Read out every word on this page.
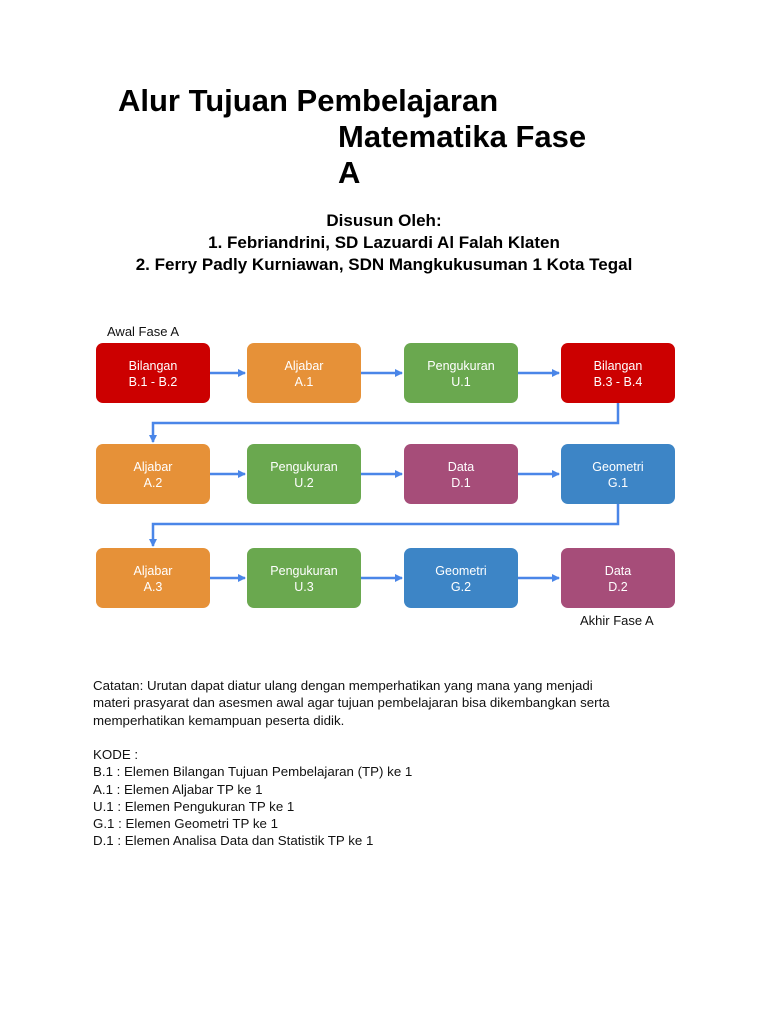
Alur Tujuan Pembelajaran
Matematika Fase
A
Disusun Oleh:
1. Febriandrini, SD Lazuardi Al Falah Klaten
2. Ferry Padly Kurniawan, SDN Mangkukusuman 1 Kota Tegal
Awal Fase A
Akhir Fase A
Bilangan
B.1 - B.2
Aljabar
A.1
Pengukuran
U.1
Bilangan
B.3 - B.4
Aljabar
A.2
Pengukuran
U.2
Data
D.1
Geometri
G.1
Aljabar
A.3
Pengukuran
U.3
Geometri
G.2
Data
D.2

Catatan: Urutan dapat diatur ulang dengan memperhatikan yang mana yang menjadi

materi prasyarat dan asesmen awal agar tujuan pembelajaran bisa dikembangkan serta

memperhatikan kemampuan peserta didik.

KODE :
B.1 : Elemen Bilangan Tujuan Pembelajaran (TP) ke 1
A.1 : Elemen Aljabar TP ke 1
U.1 : Elemen Pengukuran TP ke 1
G.1 : Elemen Geometri TP ke 1
D.1 : Elemen Analisa Data dan Statistik TP ke 1
